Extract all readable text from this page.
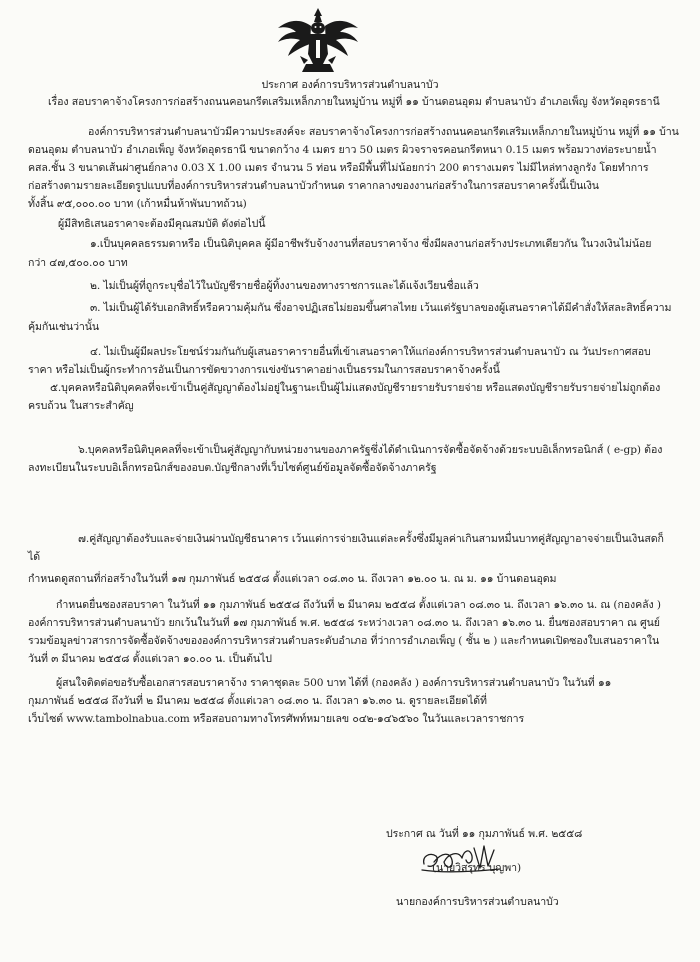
ประกาศ องค์การบริหารส่วนตำบลนาบัว
เรื่อง สอบราคาจ้างโครงการก่อสร้างถนนคอนกรีตเสริมเหล็กภายในหมู่บ้าน หมู่ที่ ๑๑ บ้านดอนอุดม ตำบลนาบัว อำเภอเพ็ญ จังหวัดอุดรธานี
องค์การบริหารส่วนตำบลนาบัวมีความประสงค์จะ สอบราคาจ้างโครงการก่อสร้างถนนคอนกรีตเสริมเหล็กภายในหมู่บ้าน หมู่ที่ ๑๑ บ้าน
ดอนอุดม ตำบลนาบัว อำเภอเพ็ญ จังหวัดอุดรธานี ขนาดกว้าง 4 เมตร ยาว 50 เมตร ผิวจราจรคอนกรีตหนา 0.15 เมตร พร้อมวางท่อระบายน้ำ
คสล.ชั้น 3 ขนาดเส้นผ่าศูนย์กลาง 0.03 X 1.00 เมตร จำนวน 5 ท่อน หรือมีพื้นที่ไม่น้อยกว่า 200 ตารางเมตร ไม่มีไหล่ทางลูกรัง โดยทำการ
ก่อสร้างตามรายละเอียดรูปแบบที่องค์การบริหารส่วนตำบลนาบัวกำหนด ราคากลางของงานก่อสร้างในการสอบราคาครั้งนี้เป็นเงิน
ทั้งสิ้น ๙๕,๐๐๐.๐๐ บาท (เก้าหมื่นห้าพันบาทถ้วน)
ผู้มีสิทธิเสนอราคาจะต้องมีคุณสมบัติ ดังต่อไปนี้
๑.เป็นบุคคลธรรมดาหรือ เป็นนิติบุคคล ผู้มีอาชีพรับจ้างงานที่สอบราคาจ้าง ซึ่งมีผลงานก่อสร้างประเภทเดียวกัน ในวงเงินไม่น้อย
กว่า ๔๗,๕๐๐.๐๐ บาท
๒. ไม่เป็นผู้ที่ถูกระบุชื่อไว้ในบัญชีรายชื่อผู้ทิ้งงานของทางราชการและได้แจ้งเวียนชื่อแล้ว
๓. ไม่เป็นผู้ได้รับเอกสิทธิ์หรือความคุ้มกัน ซึ่งอาจปฏิเสธไม่ยอมขึ้นศาลไทย เว้นแต่รัฐบาลของผู้เสนอราคาได้มีคำสั่งให้สละสิทธิ์ความ
คุ้มกันเช่นว่านั้น
๔. ไม่เป็นผู้มีผลประโยชน์ร่วมกันกับผู้เสนอราคารายอื่นที่เข้าเสนอราคาให้แก่องค์การบริหารส่วนตำบลนาบัว ณ วันประกาศสอบ
ราคา หรือไม่เป็นผู้กระทำการอันเป็นการขัดขวางการแข่งขันราคาอย่างเป็นธรรมในการสอบราคาจ้างครั้งนี้
๕.บุคคลหรือนิติบุคคลที่จะเข้าเป็นคู่สัญญาต้องไม่อยู่ในฐานะเป็นผู้ไม่แสดงบัญชีรายรายรับรายจ่าย หรือแสดงบัญชีรายรับรายจ่ายไม่ถูกต้อง
ครบถ้วน ในสาระสำคัญ
๖.บุคคลหรือนิติบุคคลที่จะเข้าเป็นคู่สัญญากับหน่วยงานของภาครัฐซึ่งได้ดำเนินการจัดซื้อจัดจ้างด้วยระบบอิเล็กทรอนิกส์ ( e-gp) ต้อง
ลงทะเบียนในระบบอิเล็กทรอนิกส์ของอบต.บัญชีกลางที่เว็บไซต์ศูนย์ข้อมูลจัดซื้อจัดจ้างภาครัฐ
๗.คู่สัญญาต้องรับและจ่ายเงินผ่านบัญชีธนาคาร เว้นแต่การจ่ายเงินแต่ละครั้งซึ่งมีมูลค่าเกินสามหมื่นบาทคู่สัญญาอาจจ่ายเป็นเงินสดก็
ได้
กำหนดดูสถานที่ก่อสร้างในวันที่ ๑๗ กุมภาพันธ์ ๒๕๕๘ ตั้งแต่เวลา ๐๘.๓๐ น. ถึงเวลา ๑๒.๐๐ น. ณ ม. ๑๑ บ้านดอนอุดม
กำหนดยื่นซองสอบราคา ในวันที่ ๑๑ กุมภาพันธ์ ๒๕๕๘ ถึงวันที่ ๒ มีนาคม ๒๕๕๘ ตั้งแต่เวลา ๐๘.๓๐ น. ถึงเวลา ๑๖.๓๐ น. ณ (กองคลัง )
องค์การบริหารส่วนตำบลนาบัว ยกเว้นในวันที่ ๑๗ กุมภาพันธ์ พ.ศ. ๒๕๕๘ ระหว่างเวลา ๐๘.๓๐ น. ถึงเวลา ๑๖.๓๐ น. ยื่นซองสอบราคา ณ ศูนย์
รวมข้อมูลข่าวสารการจัดซื้อจัดจ้างขององค์การบริหารส่วนตำบลระดับอำเภอ ที่ว่าการอำเภอเพ็ญ ( ชั้น ๒ ) และกำหนดเปิดซองใบเสนอราคาใน
วันที่ ๓ มีนาคม ๒๕๕๘ ตั้งแต่เวลา ๑๐.๐๐ น. เป็นต้นไป
ผู้สนใจติดต่อขอรับซื้อเอกสารสอบราคาจ้าง ราคาชุดละ 500 บาท ได้ที่ (กองคลัง ) องค์การบริหารส่วนตำบลนาบัว ในวันที่ ๑๑
กุมภาพันธ์ ๒๕๕๘ ถึงวันที่ ๒ มีนาคม ๒๕๕๘ ตั้งแต่เวลา ๐๘.๓๐ น. ถึงเวลา ๑๖.๓๐ น. ดูรายละเอียดได้ที่
เว็บไซต์ www.tambolnabua.com หรือสอบถามทางโทรศัพท์หมายเลข ๐๔๒-๑๔๖๕๖๐ ในวันและเวลาราชการ
ประกาศ ณ วันที่ ๑๑ กุมภาพันธ์ พ.ศ. ๒๕๕๘
(นายวิสรุทร บุญพา)
นายกองค์การบริหารส่วนตำบลนาบัว
